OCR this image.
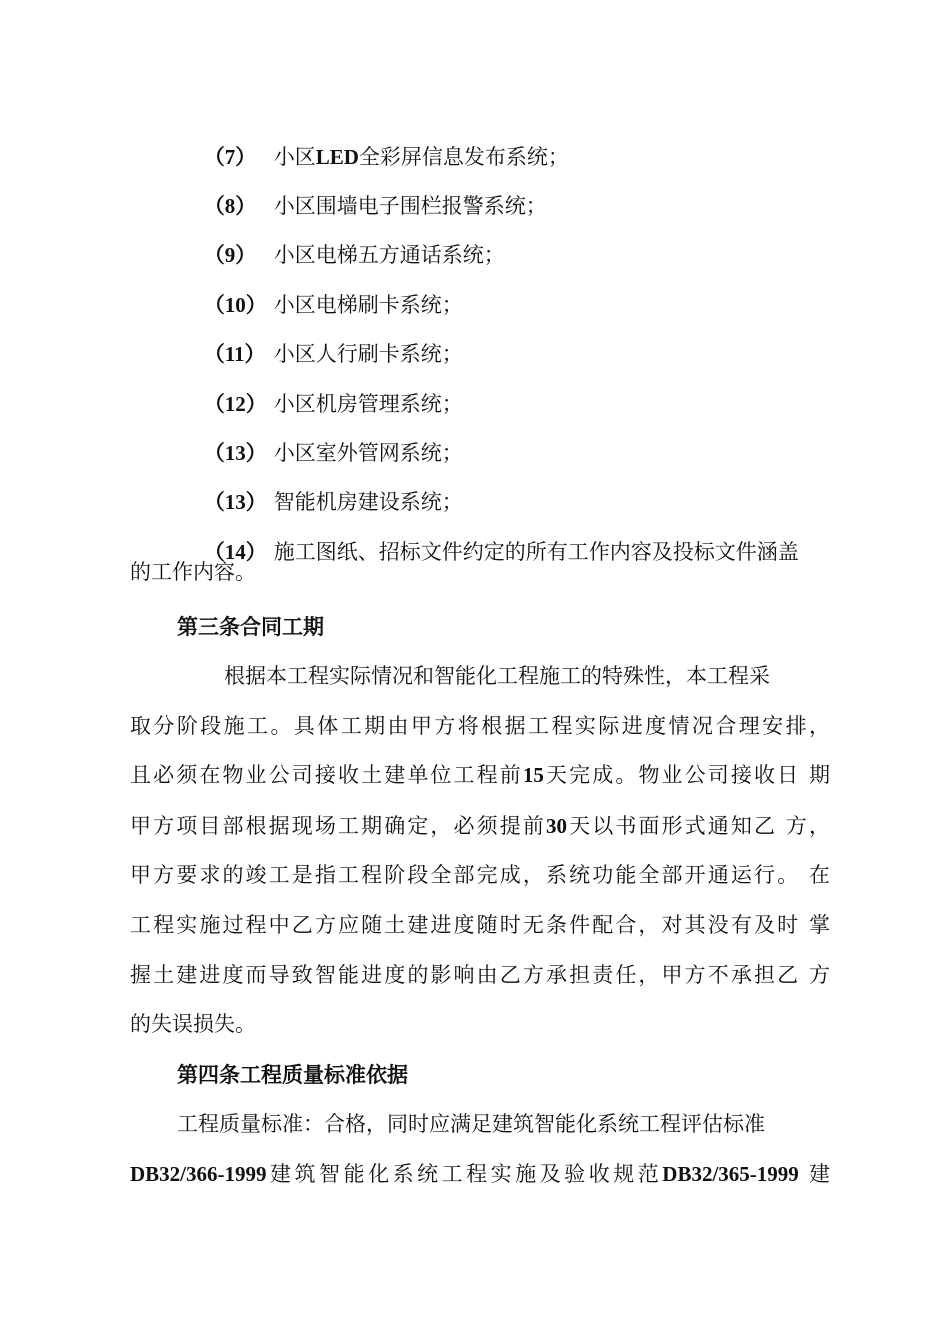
（7） 小区LED全彩屏信息发布系统；

（8） 小区围墙电子围栏报警系统；

（9） 小区电梯五方通话系统；

（10） 小区电梯刷卡系统；

（11） 小区人行刷卡系统；

（12） 小区机房管理系统；

（13） 小区室外管网系统；

（13） 智能机房建设系统；

（14） 施工图纸、招标文件约定的所有工作内容及投标文件涵盖

的工作内容。
第三条合同工期
根据本工程实际情况和智能化工程施工的特殊性，本工程采
取分阶段施工。具体工期由甲方将根据工程实际进度情况合理安排，
且必须在物业公司接收土建单位工程前15天完成。物业公司接收日 期
甲方项目部根据现场工期确定，必须提前30天以书面形式通知乙 方，
甲方要求的竣工是指工程阶段全部完成，系统功能全部开通运行。 在
工程实施过程中乙方应随土建进度随时无条件配合，对其没有及时 掌
握土建进度而导致智能进度的影响由乙方承担责任，甲方不承担乙 方
的失误损失。
第四条工程质量标准依据
工程质量标准：合格，同时应满足建筑智能化系统工程评估标准
DB32/366-1999建筑智能化系统工程实施及验收规范DB32/365-1999 建
